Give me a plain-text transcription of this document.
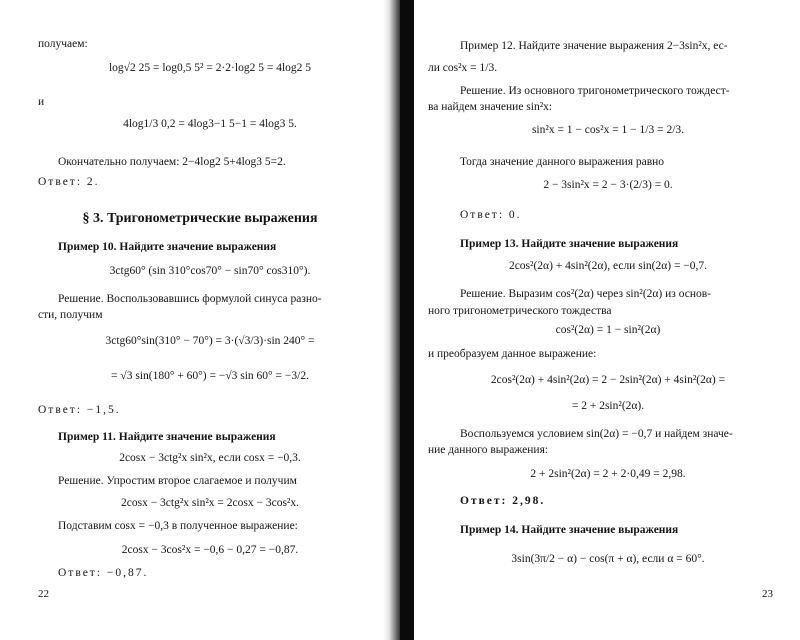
получаем:
log√2 25 = log0,5 5² = 2·2·log2 5 = 4log2 5
и
4log1/3 0,2 = 4log3−1 5−1 = 4log3 5.
Окончательно получаем: 2−4log2 5+4log3 5=2.
Ответ: 2.
§ 3. Тригонометрические выражения
Пример 10. Найдите значение выражения
3ctg60° (sin 310°cos70° − sin70° cos310°).
Решение. Воспользовавшись формулой синуса разно-
сти, получим
3ctg60°sin(310° − 70°) = 3·(√3/3)·sin 240° =
= √3 sin(180° + 60°) = −√3 sin 60° = −3/2.
Ответ: −1,5.
Пример 11. Найдите значение выражения
2cosx − 3ctg²x sin²x, если cosx = −0,3.
Решение. Упростим второе слагаемое и получим
2cosx − 3ctg²x sin²x = 2cosx − 3cos²x.
Подставим cosx = −0,3 в полученное выражение:
2cosx − 3cos²x = −0,6 − 0,27 = −0,87.
Ответ: −0,87.
22
Пример 12. Найдите значение выражения 2−3sin²x, ес-
ли cos²x = 1/3.
Решение. Из основного тригонометрического тождест-
ва найдем значение sin²x:
sin²x = 1 − cos²x = 1 − 1/3 = 2/3.
Тогда значение данного выражения равно
2 − 3sin²x = 2 − 3·(2/3) = 0.
Ответ: 0.
Пример 13. Найдите значение выражения
2cos²(2α) + 4sin²(2α), если sin(2α) = −0,7.
Решение. Выразим cos²(2α) через sin²(2α) из основ-
ного тригонометрического тождества
cos²(2α) = 1 − sin²(2α)
и преобразуем данное выражение:
2cos²(2α) + 4sin²(2α) = 2 − 2sin²(2α) + 4sin²(2α) =
= 2 + 2sin²(2α).
Воспользуемся условием sin(2α) = −0,7 и найдем значе-
ние данного выражения:
2 + 2sin²(2α) = 2 + 2·0,49 = 2,98.
Ответ: 2,98.
Пример 14. Найдите значение выражения
3sin(3π/2 − α) − cos(π + α), если α = 60°.
23
